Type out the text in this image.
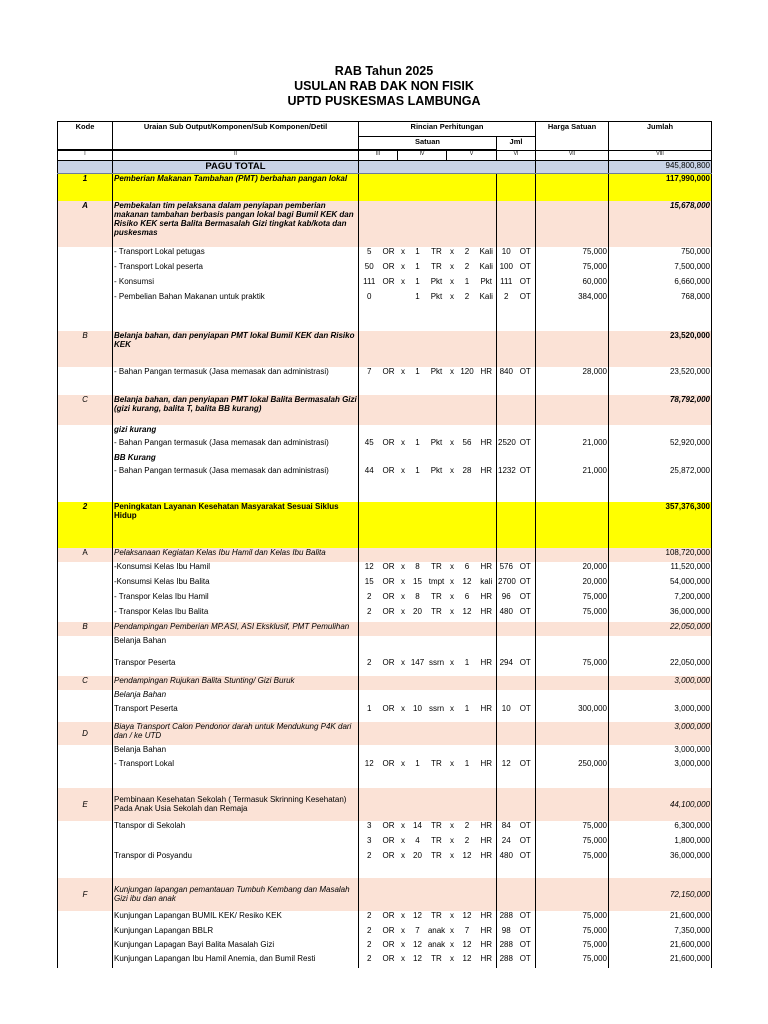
RAB Tahun 2025
USULAN RAB DAK NON FISIK
UPTD PUSKESMAS LAMBUNGA
Kode	Uraian Sub Output/Komponen/Sub Komponen/Detil	Rincian Perhitungan										Harga Satuan	Jumlah
		Satuan								Jml			

I	II	III		IV			V			VI		VII	VIII
	PAGU TOTAL												945,800,800
1	Pemberian Makanan Tambahan (PMT) berbahan pangan lokal												117,990,000
A	Pembekalan tim pelaksana dalam penyiapan pemberian makanan tambahan berbasis pangan lokal bagi Bumil KEK dan Risiko KEK serta Balita Bermasalah Gizi tingkat kab/kota dan puskesmas												15,678,000
	- Transport Lokal petugas	5	OR	x	1	TR	x	2	Kali	10	OT	75,000	750,000
	- Transport Lokal peserta	50	OR	x	1	TR	x	2	Kali	100	OT	75,000	7,500,000
	- Konsumsi	111	OR	x	1	Pkt	x	1	Pkt	111	OT	60,000	6,660,000
	- Pembelian Bahan Makanan untuk praktik	0			1	Pkt	x	2	Kali	2	OT	384,000	768,000

B	Belanja bahan, dan penyiapan PMT lokal Bumil KEK dan Risiko KEK												23,520,000
	- Bahan Pangan termasuk (Jasa memasak dan administrasi)	7	OR	x	1	Pkt	x	120	HR	840	OT	28,000	23,520,000
C	Belanja bahan, dan penyiapan PMT lokal Balita Bermasalah Gizi (gizi kurang, balita T, balita BB kurang)												78,792,000
	gizi kurang												
	- Bahan Pangan termasuk (Jasa memasak dan administrasi)	45	OR	x	1	Pkt	x	56	HR	2520	OT	21,000	52,920,000
	BB Kurang												
	- Bahan Pangan termasuk (Jasa memasak dan administrasi)	44	OR	x	1	Pkt	x	28	HR	1232	OT	21,000	25,872,000
2	Peningkatan Layanan Kesehatan Masyarakat Sesuai Siklus Hidup												357,376,300
A	Pelaksanaan Kegiatan Kelas Ibu Hamil dan Kelas Ibu Balita												108,720,000
	-Konsumsi Kelas Ibu Hamil	12	OR	x	8	TR	x	6	HR	576	OT	20,000	11,520,000
	-Konsumsi Kelas Ibu Balita	15	OR	x	15	tmpt	x	12	kali	2700	OT	20,000	54,000,000
	- Transpor Kelas Ibu Hamil	2	OR	x	8	TR	x	6	HR	96	OT	75,000	7,200,000
	- Transpor Kelas Ibu Balita	2	OR	x	20	TR	x	12	HR	480	OT	75,000	36,000,000
B	Pendampingan Pemberian MP.ASI, ASI Eksklusif, PMT Pemulihan												22,050,000
	Belanja Bahan												
	Transpor Peserta	2	OR	x	147	ssrn	x	1	HR	294	OT	75,000	22,050,000
C	Pendampingan Rujukan Balita Stunting/ Gizi Buruk												3,000,000
	Belanja Bahan												
	Transport Peserta	1	OR	x	10	ssrn	x	1	HR	10	OT	300,000	3,000,000
D	Biaya Transport Calon Pendonor darah untuk Mendukung P4K dari dan / ke UTD												3,000,000
	Belanja Bahan												3,000,000
	- Transport Lokal	12	OR	x	1	TR	x	1	HR	12	OT	250,000	3,000,000
E	Pembinaan Kesehatan Sekolah ( Termasuk Skrinning Kesehatan) Pada Anak Usia Sekolah dan Remaja												44,100,000
	Ttanspor di Sekolah	3	OR	x	14	TR	x	2	HR	84	OT	75,000	6,300,000
		3	OR	x	4	TR	x	2	HR	24	OT	75,000	1,800,000
	Transpor di Posyandu	2	OR	x	20	TR	x	12	HR	480	OT	75,000	36,000,000
F	Kunjungan lapangan pemantauan Tumbuh Kembang dan Masalah Gizi ibu dan anak												72,150,000
	Kunjungan Lapangan BUMIL KEK/ Resiko KEK	2	OR	x	12	TR	x	12	HR	288	OT	75,000	21,600,000
	Kunjungan Lapangan BBLR	2	OR	x	7	anak	x	7	HR	98	OT	75,000	7,350,000
	Kunjungan Lapagan Bayi Balita Masalah Gizi	2	OR	x	12	anak	x	12	HR	288	OT	75,000	21,600,000
	Kunjungan Lapangan Ibu Hamil Anemia, dan Bumil Resti	2	OR	x	12	TR	x	12	HR	288	OT	75,000	21,600,000
